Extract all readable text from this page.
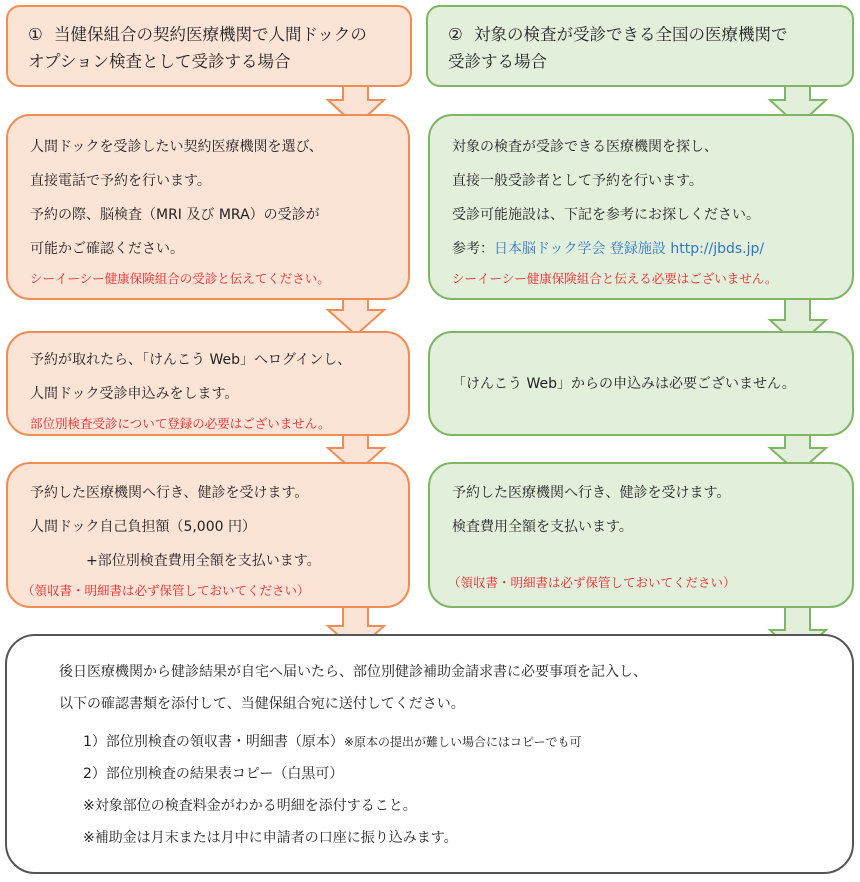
① 当健保組合の契約医療機関で人間ドックの
オプション検査として受診する場合
② 対象の検査が受診できる全国の医療機関で
受診する場合
人間ドックを受診したい契約医療機関を選び、
直接電話で予約を行います。
予約の際、脳検査（MRI 及び MRA）の受診が
可能かご確認ください。
シーイーシー健康保険組合の受診と伝えてください。
対象の検査が受診できる医療機関を探し、
直接一般受診者として予約を行います。
受診可能施設は、下記を参考にお探しください。
参考：日本脳ドック学会 登録施設 http://jbds.jp/
シーイーシー健康保険組合と伝える必要はございません。
予約が取れたら、「けんこう Web」へログインし、
人間ドック受診申込みをします。
部位別検査受診について登録の必要はございません。
「けんこう Web」からの申込みは必要ございません。
予約した医療機関へ行き、健診を受けます。
人間ドック自己負担額（5,000 円）
+部位別検査費用全額を支払います。
（領収書・明細書は必ず保管しておいてください）
予約した医療機関へ行き、健診を受けます。
検査費用全額を支払います。
（領収書・明細書は必ず保管しておいてください）
後日医療機関から健診結果が自宅へ届いたら、部位別健診補助金請求書に必要事項を記入し、
以下の確認書類を添付して、当健保組合宛に送付してください。
1）部位別検査の領収書・明細書（原本）※原本の提出が難しい場合にはコピーでも可
2）部位別検査の結果表コピー（白黒可）
※対象部位の検査料金がわかる明細を添付すること。
※補助金は月末または月中に申請者の口座に振り込みます。
